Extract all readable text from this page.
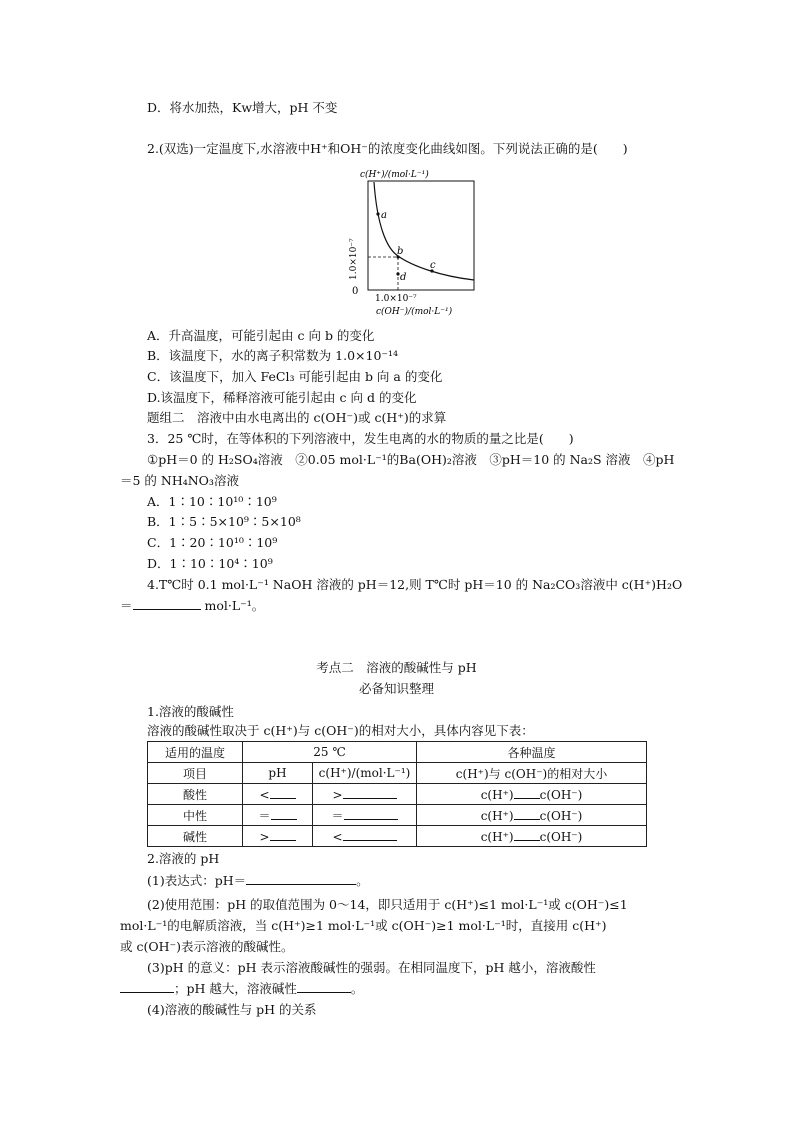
D．将水加热，Kw增大，pH 不变
2.(双选)一定温度下,水溶液中H⁺和OH⁻的浓度变化曲线如图。下列说法正确的是(　　)
c(H⁺)/(mol·L⁻¹)
a
b
c
d
0
1.0×10⁻⁷
1.0×10⁻⁷
c(OH⁻)/(mol·L⁻¹)
A．升高温度，可能引起由 c 向 b 的变化
B．该温度下，水的离子积常数为 1.0×10⁻¹⁴
C．该温度下，加入 FeCl₃ 可能引起由 b 向 a 的变化
D.该温度下，稀释溶液可能引起由 c 向 d 的变化
题组二　溶液中由水电离出的 c(OH⁻)或 c(H⁺)的求算
3．25 ℃时，在等体积的下列溶液中，发生电离的水的物质的量之比是(　　)
①pH＝0 的 H₂SO₄溶液　②0.05 mol·L⁻¹的Ba(OH)₂溶液　③pH＝10 的 Na₂S 溶液　④pH
＝5 的 NH₄NO₃溶液
A．1∶10∶10¹⁰∶10⁹
B．1∶5∶5×10⁹∶5×10⁸
C．1∶20∶10¹⁰∶10⁹
D．1∶10∶10⁴∶10⁹
4.T℃时 0.1 mol·L⁻¹ NaOH 溶液的 pH＝12,则 T℃时 pH＝10 的 Na₂CO₃溶液中 c(H⁺)H₂O
＝	mol·L⁻¹。
考点二　溶液的酸碱性与 pH
必备知识整理
1.溶液的酸碱性
溶液的酸碱性取决于 c(H⁺)与 c(OH⁻)的相对大小，具体内容见下表：
适用的温度	25 ℃		各种温度
项目	pH	c(H⁺)/(mol·L⁻¹)	c(H⁺)与 c(OH⁻)的相对大小
酸性	<	>	c(H⁺) c(OH⁻)
中性	＝	＝	c(H⁺) c(OH⁻)
碱性	>	<	c(H⁺) c(OH⁻)
2.溶液的 pH
(1)表达式：pH＝	。
(2)使用范围：pH 的取值范围为 0～14，即只适用于 c(H⁺)≤1 mol·L⁻¹或 c(OH⁻)≤1
mol·L⁻¹的电解质溶液，当 c(H⁺)≥1 mol·L⁻¹或 c(OH⁻)≥1 mol·L⁻¹时，直接用 c(H⁺)
或 c(OH⁻)表示溶液的酸碱性。
(3)pH 的意义：pH 表示溶液酸碱性的强弱。在相同温度下，pH 越小，溶液酸性
；pH 越大，溶液碱性	。
(4)溶液的酸碱性与 pH 的关系
